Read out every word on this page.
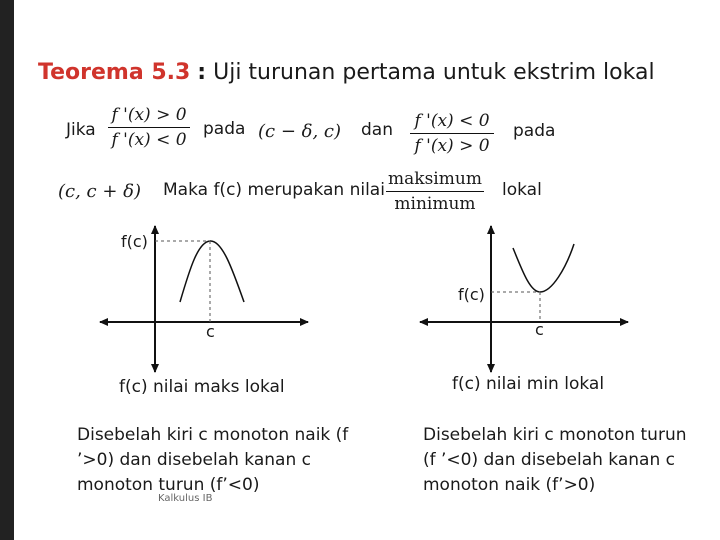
Teorema 5.3 : Uji turunan pertama untuk ekstrim lokal
Jika
f '(x) > 0
f '(x) < 0
pada (c − δ, c) dan f '(x) < 0
f '(x) > 0
pada
(c, c + δ) Maka f(c) merupakan nilai
maksimum
minimum
lokal
f(c)
c
f(c)
c
f(c) nilai maks lokal	f(c) nilai min lokal
Disebelah kiri c monoton naik (f ’>0) dan disebelah kanan c monoton turun (f’<0)
Disebelah kiri c monoton turun (f ’<0) dan disebelah kanan c monoton naik (f’>0)
Kalkulus IB
